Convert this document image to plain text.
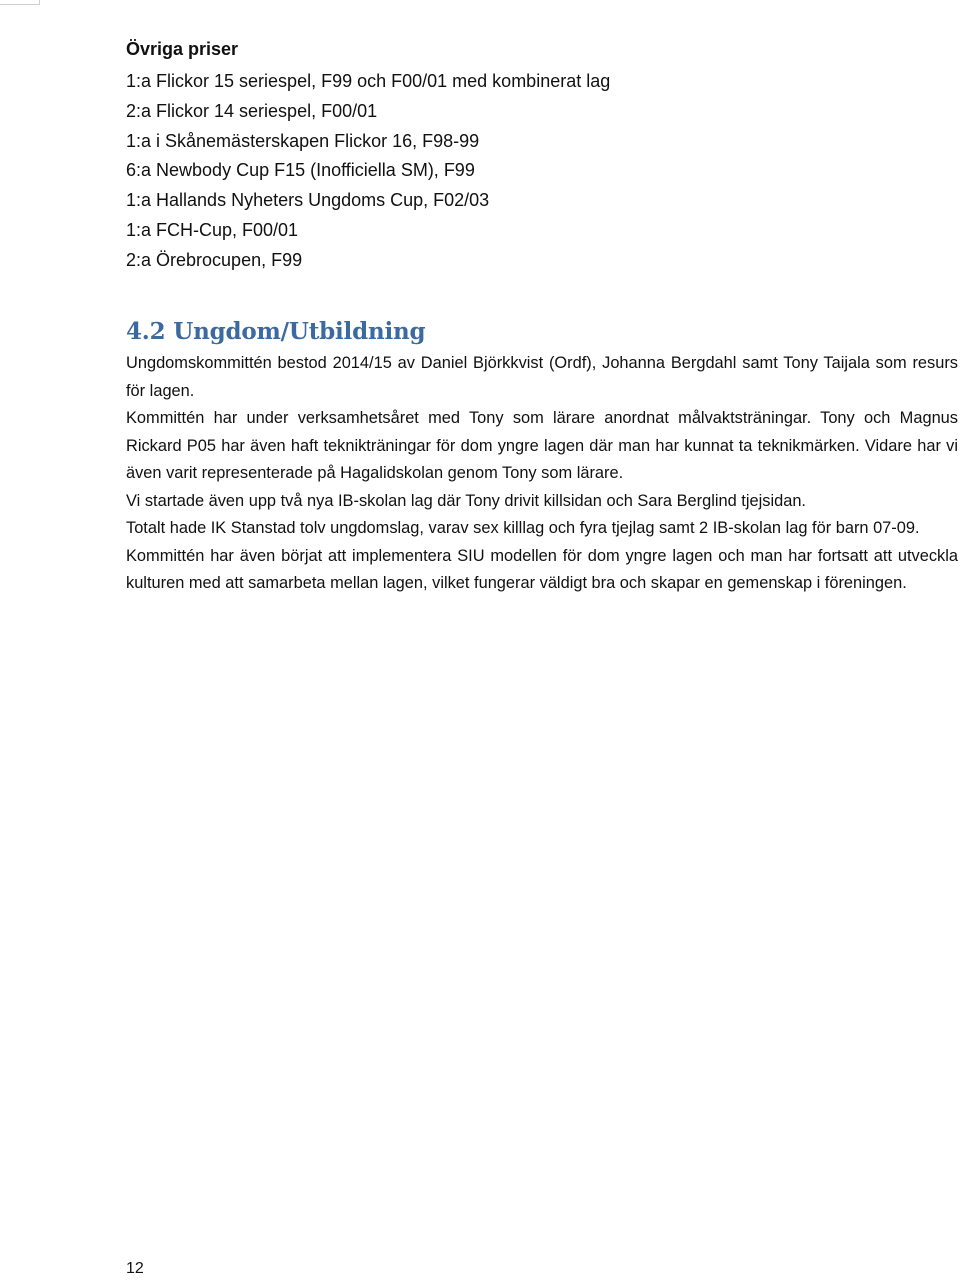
Övriga priser
1:a Flickor 15 seriespel, F99 och F00/01 med kombinerat lag
2:a Flickor 14 seriespel, F00/01
1:a i Skånemästerskapen Flickor 16, F98-99
6:a Newbody Cup F15 (Inofficiella SM), F99
1:a Hallands Nyheters Ungdoms Cup, F02/03
1:a FCH-Cup, F00/01
2:a Örebrocupen, F99
4.2 Ungdom/Utbildning

Ungdomskommittén bestod 2014/15 av Daniel Björkkvist (Ordf), Johanna Bergdahl samt Tony Taijala som resurs för lagen.

Kommittén har under verksamhetsåret med Tony som lärare anordnat målvaktsträningar. Tony och Magnus Rickard P05 har även haft teknikträningar för dom yngre lagen där man har kunnat ta teknikmärken. Vidare har vi även varit representerade på Hagalidskolan genom Tony som lärare.

Vi startade även upp två nya IB-skolan lag där Tony drivit killsidan och Sara Berglind tjejsidan.

Totalt hade IK Stanstad tolv ungdomslag, varav sex killlag och fyra tjejlag samt 2 IB-skolan lag för barn 07-09.

Kommittén har även börjat att implementera SIU modellen för dom yngre lagen och man har fortsatt att utveckla kulturen med att samarbeta mellan lagen, vilket fungerar väldigt bra och skapar en gemenskap i föreningen.

12
